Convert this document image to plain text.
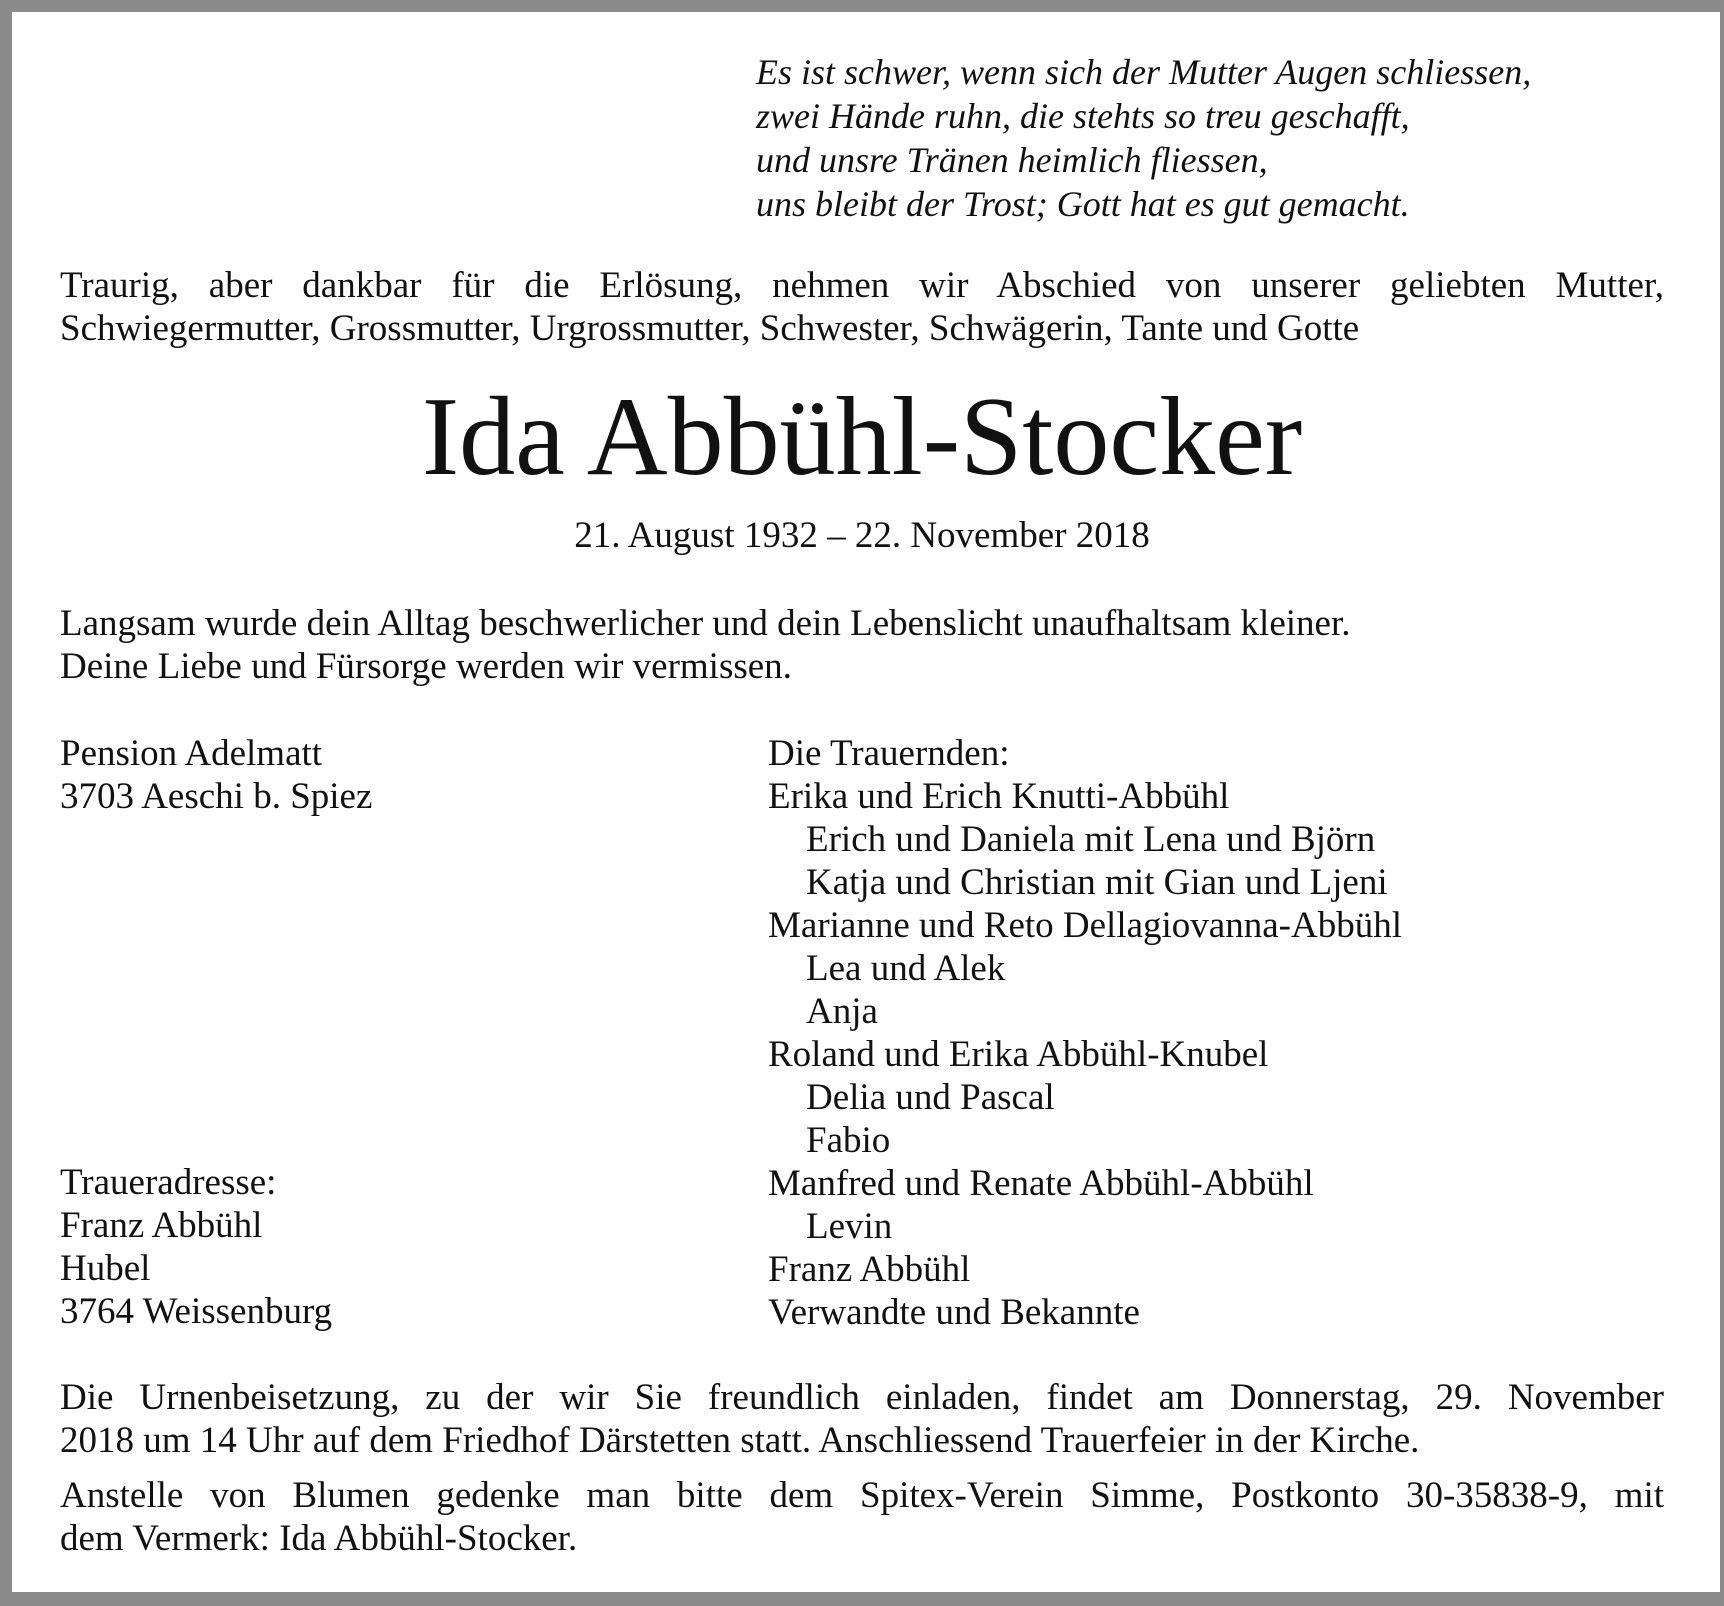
Es ist schwer, wenn sich der Mutter Augen schliessen,
zwei Hände ruhn, die stehts so treu geschafft,
und unsre Tränen heimlich fliessen,
uns bleibt der Trost; Gott hat es gut gemacht.
Traurig, aber dankbar für die Erlösung, nehmen wir Abschied von unserer geliebten Mutter,
Schwiegermutter, Grossmutter, Urgrossmutter, Schwester, Schwägerin, Tante und Gotte
Ida Abbühl-Stocker
21. August 1932 – 22. November 2018
Langsam wurde dein Alltag beschwerlicher und dein Lebenslicht unaufhaltsam kleiner.
Deine Liebe und Fürsorge werden wir vermissen.
Pension Adelmatt
3703 Aeschi b. Spiez
Traueradresse:
Franz Abbühl
Hubel
3764 Weissenburg
Die Trauernden:
Erika und Erich Knutti-Abbühl
Erich und Daniela mit Lena und Björn
Katja und Christian mit Gian und Ljeni
Marianne und Reto Dellagiovanna-Abbühl
Lea und Alek
Anja
Roland und Erika Abbühl-Knubel
Delia und Pascal
Fabio
Manfred und Renate Abbühl-Abbühl
Levin
Franz Abbühl
Verwandte und Bekannte
Die Urnenbeisetzung, zu der wir Sie freundlich einladen, findet am Donnerstag, 29. November
2018 um 14 Uhr auf dem Friedhof Därstetten statt. Anschliessend Trauerfeier in der Kirche.
Anstelle von Blumen gedenke man bitte dem Spitex-Verein Simme, Postkonto 30-35838-9, mit
dem Vermerk: Ida Abbühl-Stocker.
